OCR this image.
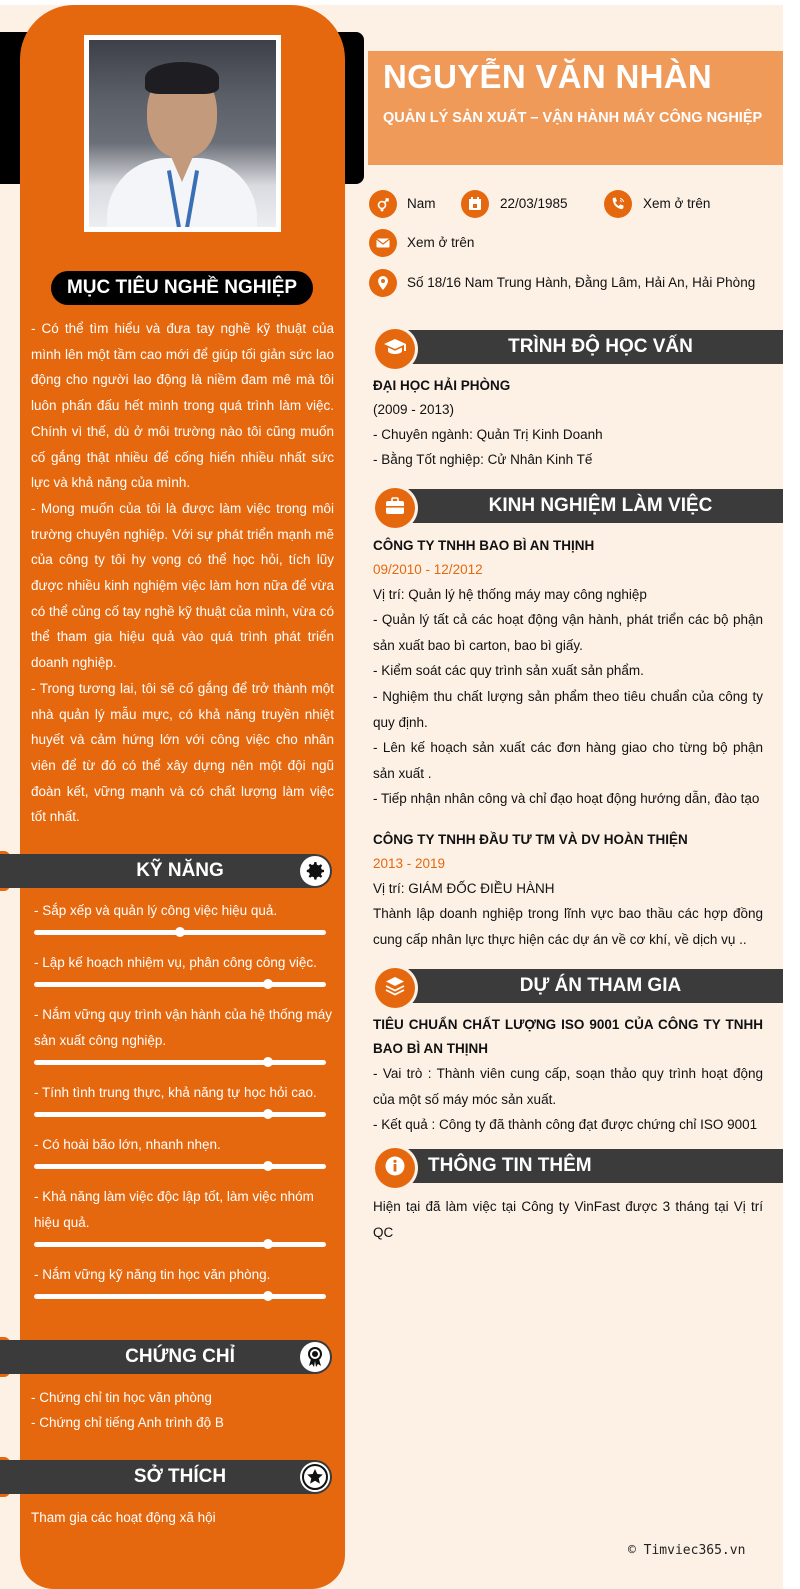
MỤC TIÊU NGHỀ NGHIỆP

- Có thể tìm hiểu và đưa tay nghề kỹ thuật của mình lên một tầm cao mới để giúp tối giản sức lao động cho người lao động là niềm đam mê mà tôi luôn phấn đấu hết mình trong quá trình làm việc. Chính vì thế, dù ở môi trường nào tôi cũng muốn cố gắng thật nhiều để cống hiến nhiều nhất sức lực và khả năng của mình.

- Mong muốn của tôi là được làm việc trong môi trường chuyên nghiệp. Với sự phát triển mạnh mẽ của công ty tôi hy vọng có thể học hỏi, tích lũy được nhiều kinh nghiệm việc làm hơn nữa để vừa có thể củng cố tay nghề kỹ thuật của mình, vừa có thể tham gia hiệu quả vào quá trình phát triển doanh nghiệp.

- Trong tương lai, tôi sẽ cố gắng để trở thành một nhà quản lý mẫu mực, có khả năng truyền nhiệt huyết và cảm hứng lớn với công việc cho nhân viên để từ đó có thể xây dựng nên một đội ngũ đoàn kết, vững mạnh và có chất lượng làm việc tốt nhất.

KỸ NĂNG
- Sắp xếp và quản lý công việc hiệu quả.
- Lập kế hoạch nhiệm vụ, phân công công việc.
- Nắm vững quy trình vận hành của hệ thống máy sản xuất công nghiệp.
- Tính tình trung thực, khả năng tự học hỏi cao.
- Có hoài bão lớn, nhanh nhẹn.
- Khả năng làm việc độc lập tốt, làm việc nhóm hiệu quả.
- Nắm vững kỹ năng tin học văn phòng.
CHỨNG CHỈ
- Chứng chỉ tin học văn phòng
- Chứng chỉ tiếng Anh trình độ B
SỞ THÍCH
Tham gia các hoạt động xã hội
NGUYỄN VĂN NHÀN
QUẢN LÝ SẢN XUẤT – VẬN HÀNH MÁY CÔNG NGHIỆP
Nam	22/03/1985	Xem ở trên
Xem ở trên
Số 18/16 Nam Trung Hành, Đằng Lâm, Hải An, Hải Phòng
TRÌNH ĐỘ HỌC VẤN
ĐẠI HỌC HẢI PHÒNG
(2009 - 2013)
- Chuyên ngành: Quản Trị Kinh Doanh
- Bằng Tốt nghiệp: Cử Nhân Kinh Tế
KINH NGHIỆM LÀM VIỆC
CÔNG TY TNHH BAO BÌ AN THỊNH
09/2010 - 12/2012
Vị trí: Quản lý hệ thống máy may công nghiệp
- Quản lý tất cả các hoạt động vận hành, phát triển các bộ phận sản xuất bao bì carton, bao bì giấy.
- Kiểm soát các quy trình sản xuất sản phẩm.
- Nghiệm thu chất lượng sản phẩm theo tiêu chuẩn của công ty quy định.
- Lên kế hoạch sản xuất các đơn hàng giao cho từng bộ phận sản xuất .
- Tiếp nhận nhân công và chỉ đạo hoạt động hướng dẫn, đào tạo
CÔNG TY TNHH ĐẦU TƯ TM VÀ DV HOÀN THIỆN
2013 - 2019
Vị trí: GIÁM ĐỐC ĐIỀU HÀNH
Thành lập doanh nghiệp trong lĩnh vực bao thầu các hợp đồng cung cấp nhân lực thực hiện các dự án về cơ khí, về dịch vụ ..
DỰ ÁN THAM GIA
TIÊU CHUẨN CHẤT LƯỢNG ISO 9001 CỦA CÔNG TY TNHH BAO BÌ AN THỊNH
- Vai trò : Thành viên cung cấp, soạn thảo quy trình hoạt động của một số máy móc sản xuất.
- Kết quả : Công ty đã thành công đạt được chứng chỉ ISO 9001
THÔNG TIN THÊM
Hiện tại đã làm việc tại Công ty VinFast được 3 tháng tại Vị trí QC
© Timviec365.vn
